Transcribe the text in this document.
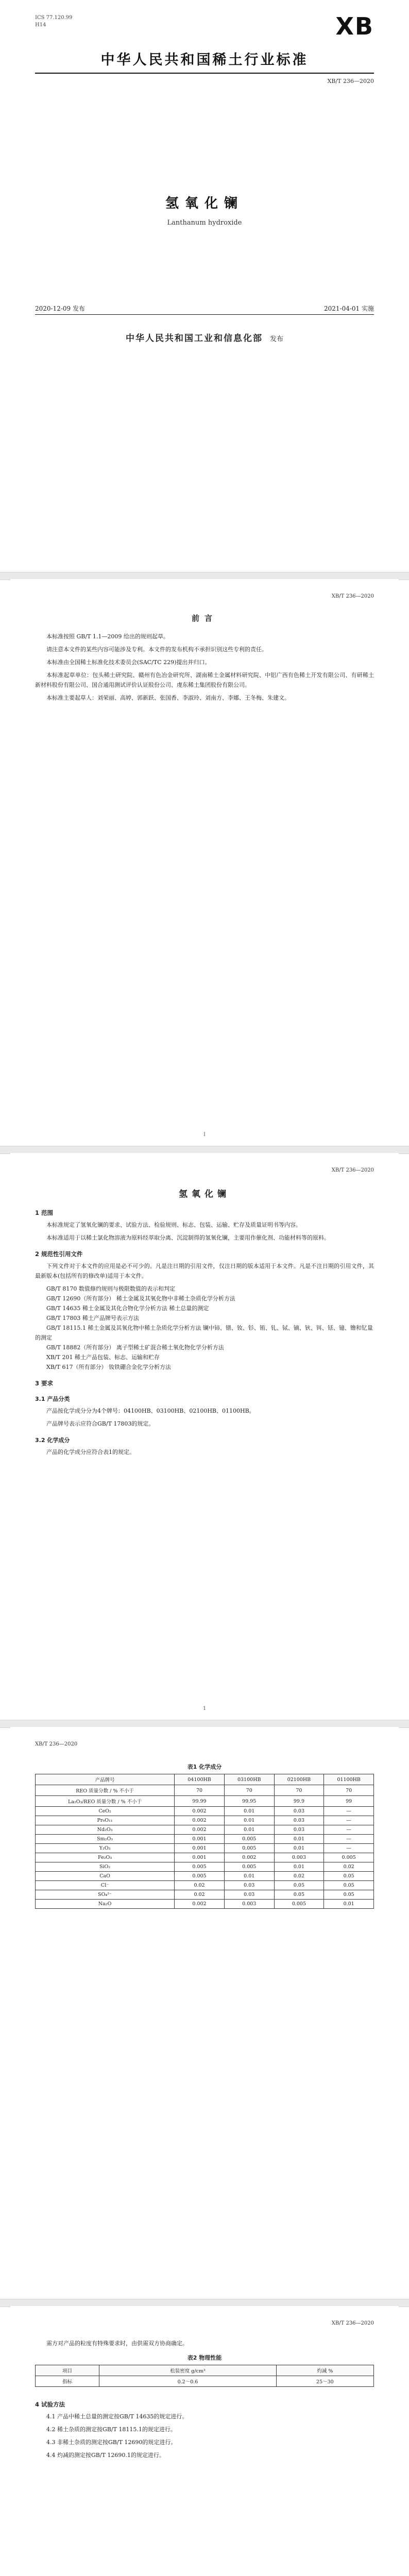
ICS 77.120.99
H14	XB
中华人民共和国稀土行业标准
XB/T 236—2020
氢氧化镧
Lanthanum hydroxide
2020-12-09 发布	2021-04-01 实施
中华人民共和国工业和信息化部 发布
XB/T 236—2020
前言

本标准按照 GB/T 1.1—2009 给出的规则起草。

请注意本文件的某些内容可能涉及专利。本文件的发布机构不承担识别这些专利的责任。

本标准由全国稀土标准化技术委员会(SAC/TC 229)提出并归口。

本标准起草单位：包头稀土研究院、赣州有色冶金研究所、湖南稀土金属材料研究院、中铝广西有色稀土开发有限公司、有研稀土新材料股份有限公司、国合通用测试评价认证股份公司、虔东稀土集团股份有限公司。

本标准主要起草人：刘荣丽、高婷、郭新跃、张国香、李淑玲、刘南方、李娜、王冬梅、朱建文。

I
XB/T 236—2020
氢氧化镧
1 范围

本标准规定了氢氧化镧的要求、试验方法、检验规则、标志、包装、运输、贮存及质量证明书等内容。

本标准适用于以稀土氯化物溶液为原料经萃取分离、沉淀制得的氢氧化镧，主要用作催化剂、功能材料等的原料。

2 规范性引用文件

下列文件对于本文件的应用是必不可少的。凡是注日期的引用文件，仅注日期的版本适用于本文件。凡是不注日期的引用文件，其最新版本(包括所有的修改单)适用于本文件。

GB/T 8170 数值修约规则与极限数值的表示和判定
GB/T 12690（所有部分） 稀土金属及其氧化物中非稀土杂质化学分析方法
GB/T 14635 稀土金属及其化合物化学分析方法 稀土总量的测定
GB/T 17803 稀土产品牌号表示方法
GB/T 18115.1 稀土金属及其氧化物中稀土杂质化学分析方法 镧中铈、镨、钕、钐、铕、钆、铽、镝、钬、铒、铥、镱、镥和钇量的测定
GB/T 18882（所有部分） 离子型稀土矿混合稀土氧化物化学分析方法
XB/T 201 稀土产品包装、标志、运输和贮存
XB/T 617（所有部分） 钕铁硼合金化学分析方法
3 要求
3.1 产品分类

产品按化学成分分为4个牌号：04100HB、03100HB、02100HB、01100HB。

产品牌号表示应符合GB/T 17803的规定。

3.2 化学成分

产品的化学成分应符合表1的规定。

1
XB/T 236—2020
表1 化学成分
产品牌号	04100HB	03100HB	02100HB	01100HB
REO 质量分数 / % 不小于	70	70	70	70
La₂O₃/REO 质量分数 / % 不小于	99.99	99.95	99.9	99
CeO₂	0.002	0.01	0.03	—
Pr₆O₁₁	0.002	0.01	0.03	—
Nd₂O₃	0.002	0.01	0.03	—
Sm₂O₃	0.001	0.005	0.01	—
Y₂O₃	0.001	0.005	0.01	—
Fe₂O₃	0.001	0.002	0.003	0.005
SiO₂	0.005	0.005	0.01	0.02
CaO	0.005	0.01	0.02	0.05
Cl⁻	0.02	0.03	0.05	0.05
SO₄²⁻	0.02	0.03	0.05	0.05
Na₂O	0.002	0.003	0.005	0.01
XB/T 236—2020

需方对产品的粒度有特殊要求时，由供需双方协商确定。

表2 物理性能
项目	松装密度 g/cm³	灼减 %
指标	0.2～0.6	25～30
4 试验方法

4.1 产品中稀土总量的测定按GB/T 14635的规定进行。

4.2 稀土杂质的测定按GB/T 18115.1的规定进行。

4.3 非稀土杂质的测定按GB/T 12690的规定进行。

4.4 灼减的测定按GB/T 12690.1的规定进行。
